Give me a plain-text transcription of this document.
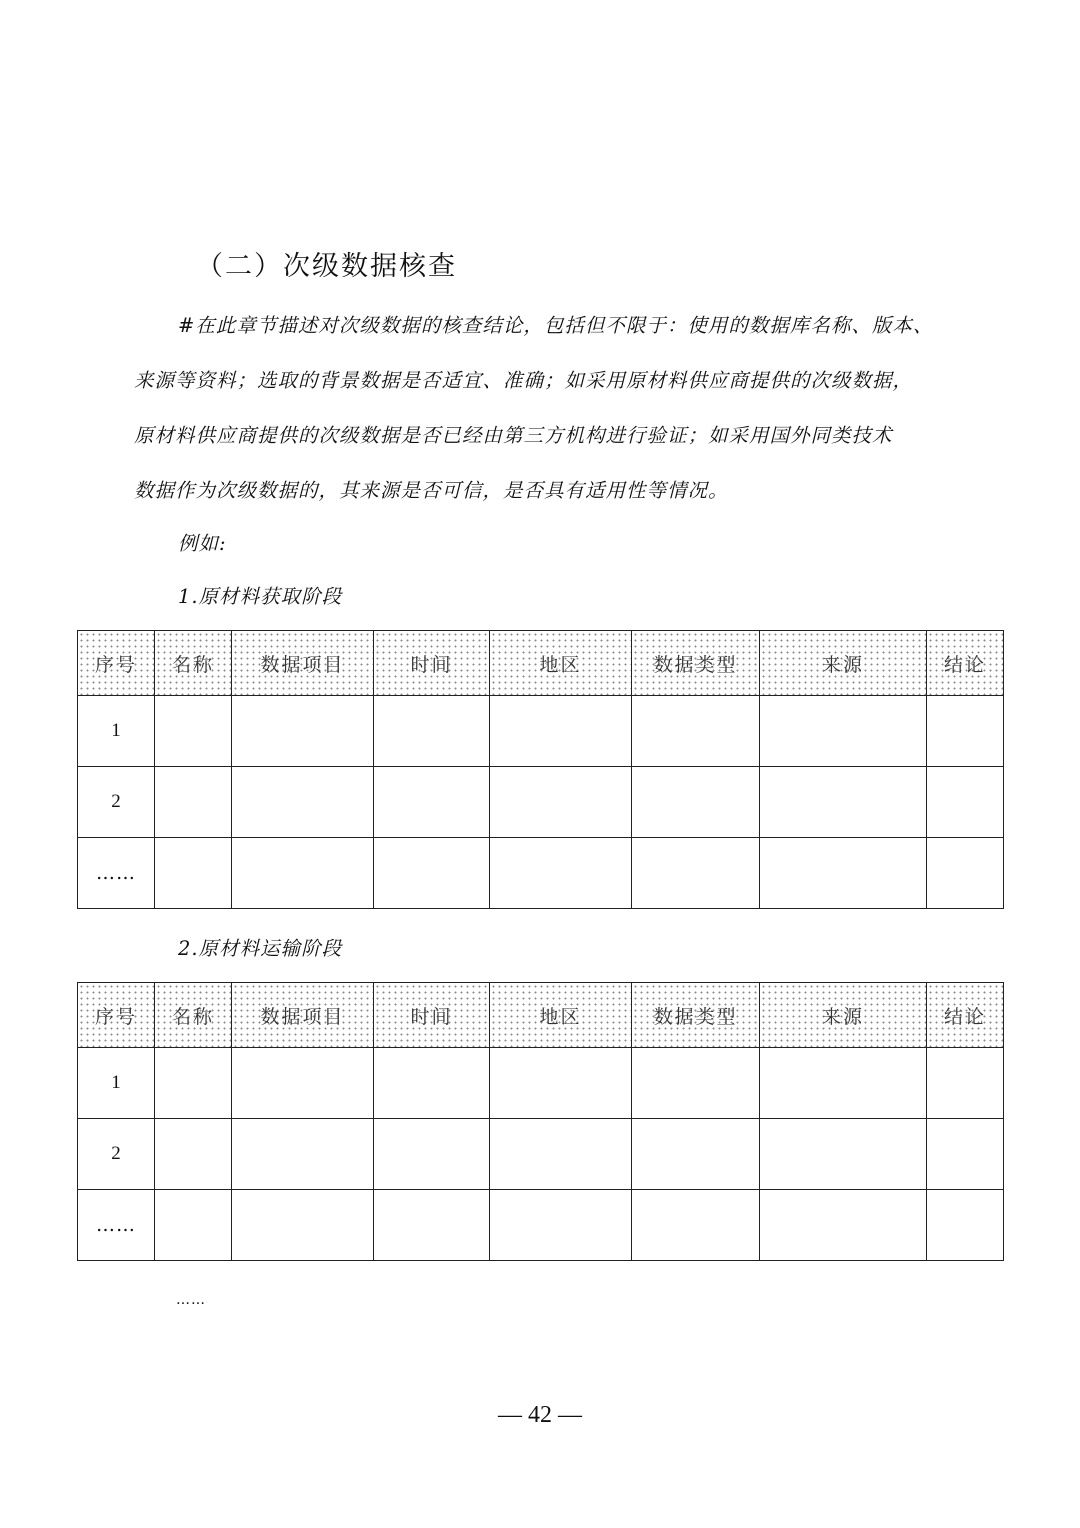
（二）次级数据核查
#在此章节描述对次级数据的核查结论，包括但不限于：使用的数据库名称、版本、
来源等资料；选取的背景数据是否适宜、准确；如采用原材料供应商提供的次级数据，
原材料供应商提供的次级数据是否已经由第三方机构进行验证；如采用国外同类技术
数据作为次级数据的，其来源是否可信，是否具有适用性等情况。
例如:
1.原材料获取阶段
序号	名称	数据项目	时间	地区	数据类型	来源	结论
1							
2							
……							
2.原材料运输阶段
序号	名称	数据项目	时间	地区	数据类型	来源	结论
1							
2							
……							
……
— 42 —
